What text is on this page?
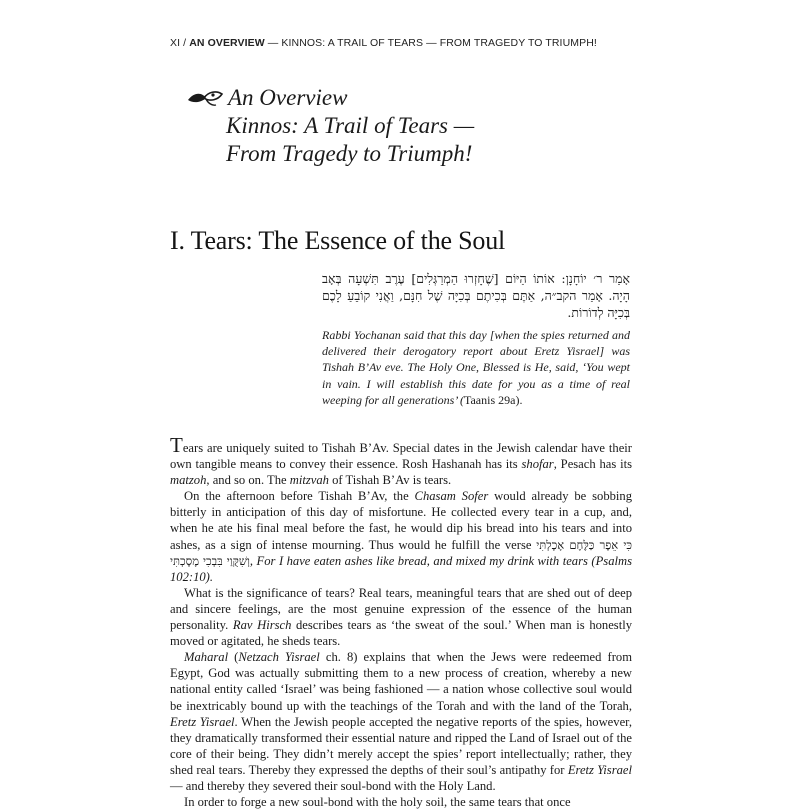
XI / AN OVERVIEW — KINNOS: A TRAIL OF TEARS — FROM TRAGEDY TO TRIUMPH!
An Overview
Kinnos: A Trail of Tears —
From Tragedy to Triumph!
I. Tears: The Essence of the Soul
אָמַר ר׳ יוֹחָנָן: אוֹתוֹ הַיּוֹם [שֶׁחָזְרוּ הַמְרַגְּלִים] עֶרֶב תִּשְׁעָה בְּאָב הָיָה. אָמַר הקב״ה, אַתֶּם בְּכִיתֶם בְּכִיָּה שֶׁל חִנָּם, וַאֲנִי קוֹבֵעַ לָכֶם בְּכִיָּה לְדוֹרוֹת.
Rabbi Yochanan said that this day [when the spies returned and delivered their derogatory report about Eretz Yisrael] was Tishah B’Av eve. The Holy One, Blessed is He, said, ‘You wept in vain. I will establish this date for you as a time of real weeping for all generations’ (Taanis 29a).

Tears are uniquely suited to Tishah B’Av. Special dates in the Jewish calendar have their own tangible means to convey their essence. Rosh Hashanah has its shofar, Pesach has its matzoh, and so on. The mitzvah of Tishah B’Av is tears.

On the afternoon before Tishah B’Av, the Chasam Sofer would already be sobbing bitterly in anticipation of this day of misfortune. He collected every tear in a cup, and, when he ate his final meal before the fast, he would dip his bread into his tears and into ashes, as a sign of intense mourning. Thus would he fulfill the verse כִּי אֵפֶר כַּלֶּחֶם אָכָלְתִּי וְשִׁקֻּוַי בִּבְכִי מָסָכְתִּי, For I have eaten ashes like bread, and mixed my drink with tears (Psalms 102:10).

What is the significance of tears? Real tears, meaningful tears that are shed out of deep and sincere feelings, are the most genuine expression of the essence of the human personality. Rav Hirsch describes tears as ‘the sweat of the soul.’ When man is honestly moved or agitated, he sheds tears.

Maharal (Netzach Yisrael ch. 8) explains that when the Jews were redeemed from Egypt, God was actually submitting them to a new process of creation, whereby a new national entity called ‘Israel’ was being fashioned — a nation whose collective soul would be inextricably bound up with the teachings of the Torah and with the land of the Torah, Eretz Yisrael. When the Jewish people accepted the negative reports of the spies, however, they dramatically transformed their essential nature and ripped the Land of Israel out of the core of their being. They didn’t merely accept the spies’ report intellectually; rather, they shed real tears. Thereby they expressed the depths of their soul’s antipathy for Eretz Yisrael — and thereby they severed their soul-bond with the Holy Land.

In order to forge a new soul-bond with the holy soil, the same tears that once
